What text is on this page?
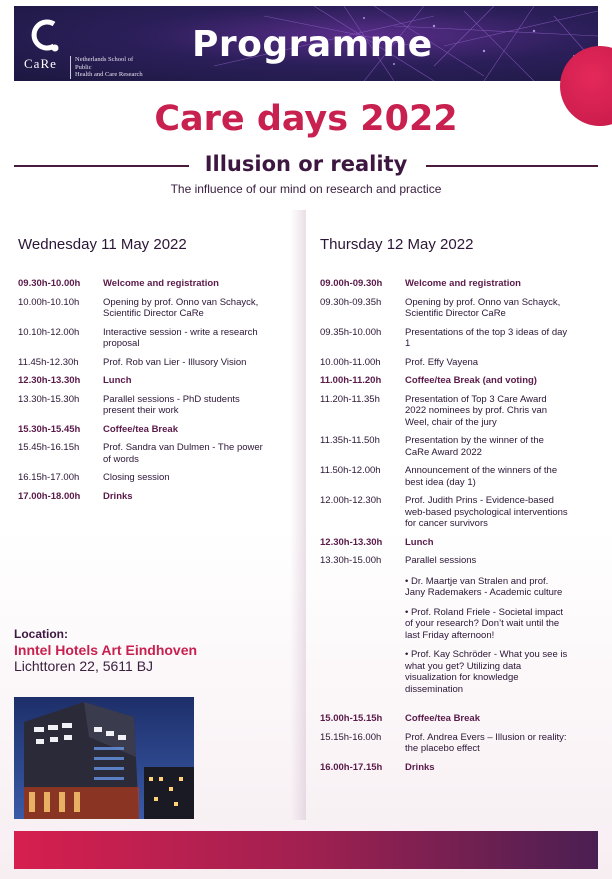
CaRe	Netherlands School of Public
Health and Care Research
Programme
Care days 2022
Illusion or reality
The influence of our mind on research and practice
Wednesday 11 May 2022
09.30h-10.00h	Welcome and registration
10.00h-10.10h	Opening by prof. Onno van Schayck,
Scientific Director CaRe
10.10h-12.00h	Interactive session - write a research
proposal
11.45h-12.30h	Prof. Rob van Lier - Illusory Vision
12.30h-13.30h	Lunch
13.30h-15.30h	Parallel sessions - PhD students
present their work
15.30h-15.45h	Coffee/tea Break
15.45h-16.15h	Prof. Sandra van Dulmen - The power
of words
16.15h-17.00h	Closing session
17.00h-18.00h	Drinks
Thursday 12 May 2022
09.00h-09.30h	Welcome and registration
09.30h-09.35h	Opening by prof. Onno van Schayck,
Scientific Director CaRe
09.35h-10.00h	Presentations of the top 3 ideas of day
1
10.00h-11.00h	Prof. Effy Vayena
11.00h-11.20h	Coffee/tea Break (and voting)
11.20h-11.35h	Presentation of Top 3 Care Award
2022 nominees by prof. Chris van
Weel, chair of the jury
11.35h-11.50h	Presentation by the winner of the
CaRe Award 2022
11.50h-12.00h	Announcement of the winners of the
best idea (day 1)
12.00h-12.30h	Prof. Judith Prins - Evidence-based
web-based psychological interventions
for cancer survivors
12.30h-13.30h	Lunch
13.30h-15.00h	Parallel sessions
• Dr. Maartje van Stralen and prof.
Jany Rademakers - Academic culture
• Prof. Roland Friele - Societal impact
of your research? Don’t wait until the
last Friday afternoon!
• Prof. Kay Schröder - What you see is
what you get? Utilizing data
visualization for knowledge
dissemination
15.00h-15.15h	Coffee/tea Break
15.15h-16.00h	Prof. Andrea Evers – Illusion or reality:
the placebo effect
16.00h-17.15h	Drinks
Location:
Inntel Hotels Art Eindhoven
Lichttoren 22, 5611 BJ
